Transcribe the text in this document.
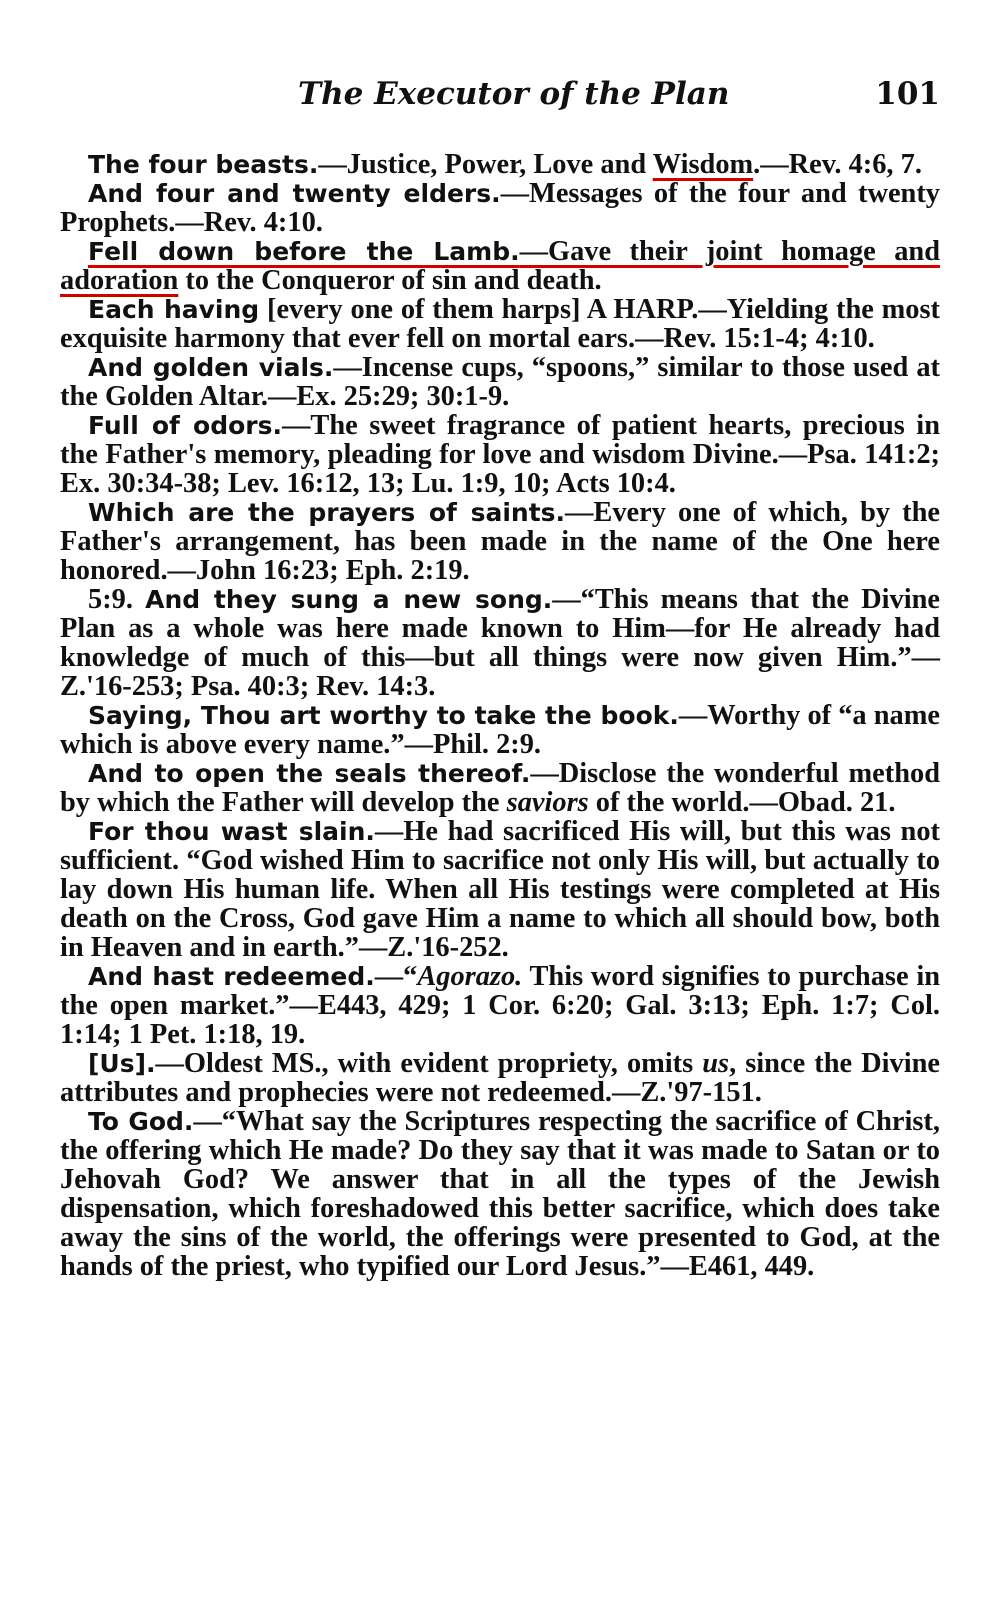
The Executor of the Plan	101

The four beasts.—Justice, Power, Love and Wisdom.—Rev. 4:6, 7.

And four and twenty elders.—Messages of the four and twenty Prophets.—Rev. 4:10.

Fell down before the Lamb.—Gave their joint homage and adoration to the Conqueror of sin and death.

Each having [every one of them harps] A HARP.—Yielding the most exquisite harmony that ever fell on mortal ears.—Rev. 15:1-4; 4:10.

And golden vials.—Incense cups, “spoons,” similar to those used at the Golden Altar.—Ex. 25:29; 30:1-9.

Full of odors.—The sweet fragrance of patient hearts, precious in the Father's memory, pleading for love and wisdom Divine.—Psa. 141:2; Ex. 30:34-38; Lev. 16:12, 13; Lu. 1:9, 10; Acts 10:4.

Which are the prayers of saints.—Every one of which, by the Father's arrangement, has been made in the name of the One here honored.—John 16:23; Eph. 2:19.

5:9. And they sung a new song.—“This means that the Divine Plan as a whole was here made known to Him—for He already had knowledge of much of this—but all things were now given Him.”—Z.'16-253; Psa. 40:3; Rev. 14:3.

Saying, Thou art worthy to take the book.—Worthy of “a name which is above every name.”—Phil. 2:9.

And to open the seals thereof.—Disclose the wonderful method by which the Father will develop the saviors of the world.—Obad. 21.

For thou wast slain.—He had sacrificed His will, but this was not sufficient. “God wished Him to sacrifice not only His will, but actually to lay down His human life. When all His testings were completed at His death on the Cross, God gave Him a name to which all should bow, both in Heaven and in earth.”—Z.'16-252.

And hast redeemed.—“Agorazo. This word signifies to purchase in the open market.”—E443, 429; 1 Cor. 6:20; Gal. 3:13; Eph. 1:7; Col. 1:14; 1 Pet. 1:18, 19.

[Us].—Oldest MS., with evident propriety, omits us, since the Divine attributes and prophecies were not redeemed.—Z.'97-151.

To God.—“What say the Scriptures respecting the sacrifice of Christ, the offering which He made? Do they say that it was made to Satan or to Jehovah God? We answer that in all the types of the Jewish dispensation, which foreshadowed this better sacrifice, which does take away the sins of the world, the offerings were presented to God, at the hands of the priest, who typified our Lord Jesus.”—E461, 449.
